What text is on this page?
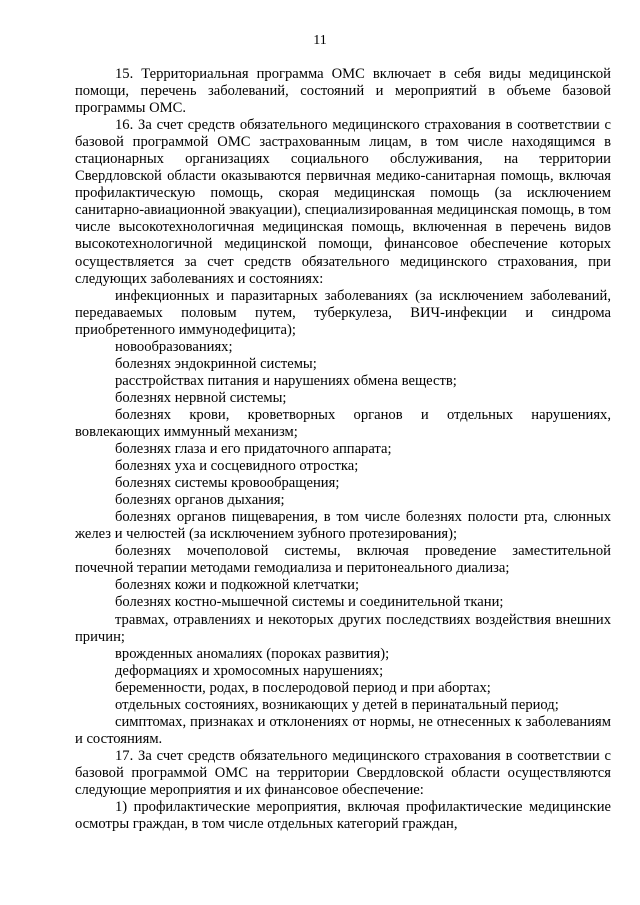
11

15. Территориальная программа ОМС включает в себя виды медицинской помощи, перечень заболеваний, состояний и мероприятий в объеме базовой программы ОМС.

16. За счет средств обязательного медицинского страхования в соответствии с базовой программой ОМС застрахованным лицам, в том числе находящимся в стационарных организациях социального обслуживания, на территории Свердловской области оказываются первичная медико-санитарная помощь, включая профилактическую помощь, скорая медицинская помощь (за исключением санитарно-авиационной эвакуации), специализированная медицинская помощь, в том числе высокотехнологичная медицинская помощь, включенная в перечень видов высокотехнологичной медицинской помощи, финансовое обеспечение которых осуществляется за счет средств обязательного медицинского страхования, при следующих заболеваниях и состояниях:

инфекционных и паразитарных заболеваниях (за исключением заболеваний, передаваемых половым путем, туберкулеза, ВИЧ-инфекции и синдрома приобретенного иммунодефицита);

новообразованиях;

болезнях эндокринной системы;

расстройствах питания и нарушениях обмена веществ;

болезнях нервной системы;

болезнях крови, кроветворных органов и отдельных нарушениях, вовлекающих иммунный механизм;

болезнях глаза и его придаточного аппарата;

болезнях уха и сосцевидного отростка;

болезнях системы кровообращения;

болезнях органов дыхания;

болезнях органов пищеварения, в том числе болезнях полости рта, слюнных желез и челюстей (за исключением зубного протезирования);

болезнях мочеполовой системы, включая проведение заместительной почечной терапии методами гемодиализа и перитонеального диализа;

болезнях кожи и подкожной клетчатки;

болезнях костно-мышечной системы и соединительной ткани;

травмах, отравлениях и некоторых других последствиях воздействия внешних причин;

врожденных аномалиях (пороках развития);

деформациях и хромосомных нарушениях;

беременности, родах, в послеродовой период и при абортах;

отдельных состояниях, возникающих у детей в перинатальный период;

симптомах, признаках и отклонениях от нормы, не отнесенных к заболеваниям и состояниям.

17. За счет средств обязательного медицинского страхования в соответствии с базовой программой ОМС на территории Свердловской области осуществляются следующие мероприятия и их финансовое обеспечение:

1) профилактические мероприятия, включая профилактические медицинские осмотры граждан, в том числе отдельных категорий граждан,
